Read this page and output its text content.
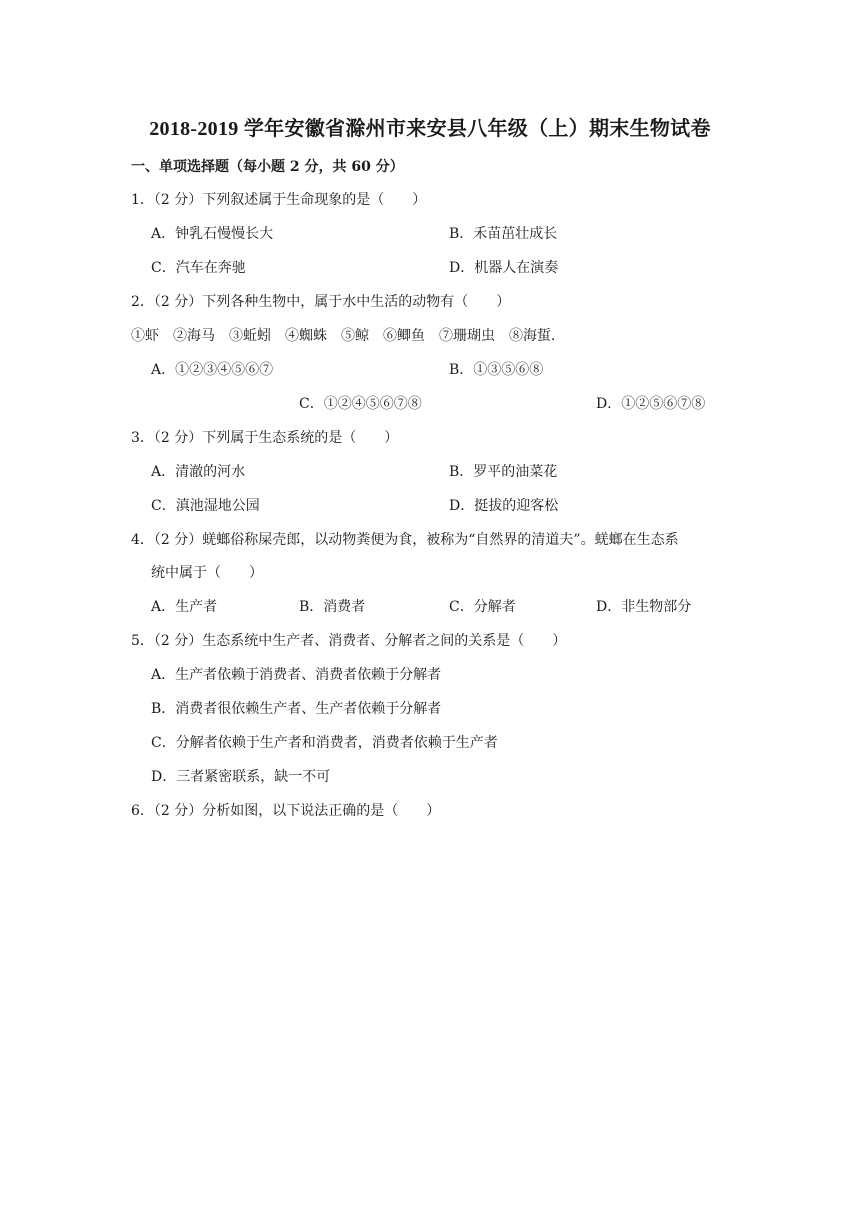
2018-2019 学年安徽省滁州市来安县八年级（上）期末生物试卷
一、单项选择题（每小题 2 分，共 60 分）
1．（2 分）下列叙述属于生命现象的是（　　）
A．钟乳石慢慢长大	B．禾苗茁壮成长
C．汽车在奔驰	D．机器人在演奏
2．（2 分）下列各种生物中，属于水中生活的动物有（　　）
①虾　②海马　③蚯蚓　④蜘蛛　⑤鲸　⑥鲫鱼　⑦珊瑚虫　⑧海蜇．
A．①②③④⑤⑥⑦	B．①③⑤⑥⑧
C．①②④⑤⑥⑦⑧	D．①②⑤⑥⑦⑧
3．（2 分）下列属于生态系统的是（　　）
A．清澈的河水	B．罗平的油菜花
C．滇池湿地公园	D．挺拔的迎客松
4．（2 分）蜣螂俗称屎壳郎，以动物粪便为食，被称为“自然界的清道夫”。蜣螂在生态系
统中属于（　　）
A．生产者	B．消费者	C．分解者	D．非生物部分
5．（2 分）生态系统中生产者、消费者、分解者之间的关系是（　　）
A．生产者依赖于消费者、消费者依赖于分解者
B．消费者很依赖生产者、生产者依赖于分解者
C．分解者依赖于生产者和消费者，消费者依赖于生产者
D．三者紧密联系，缺一不可
6．（2 分）分析如图，以下说法正确的是（　　）
